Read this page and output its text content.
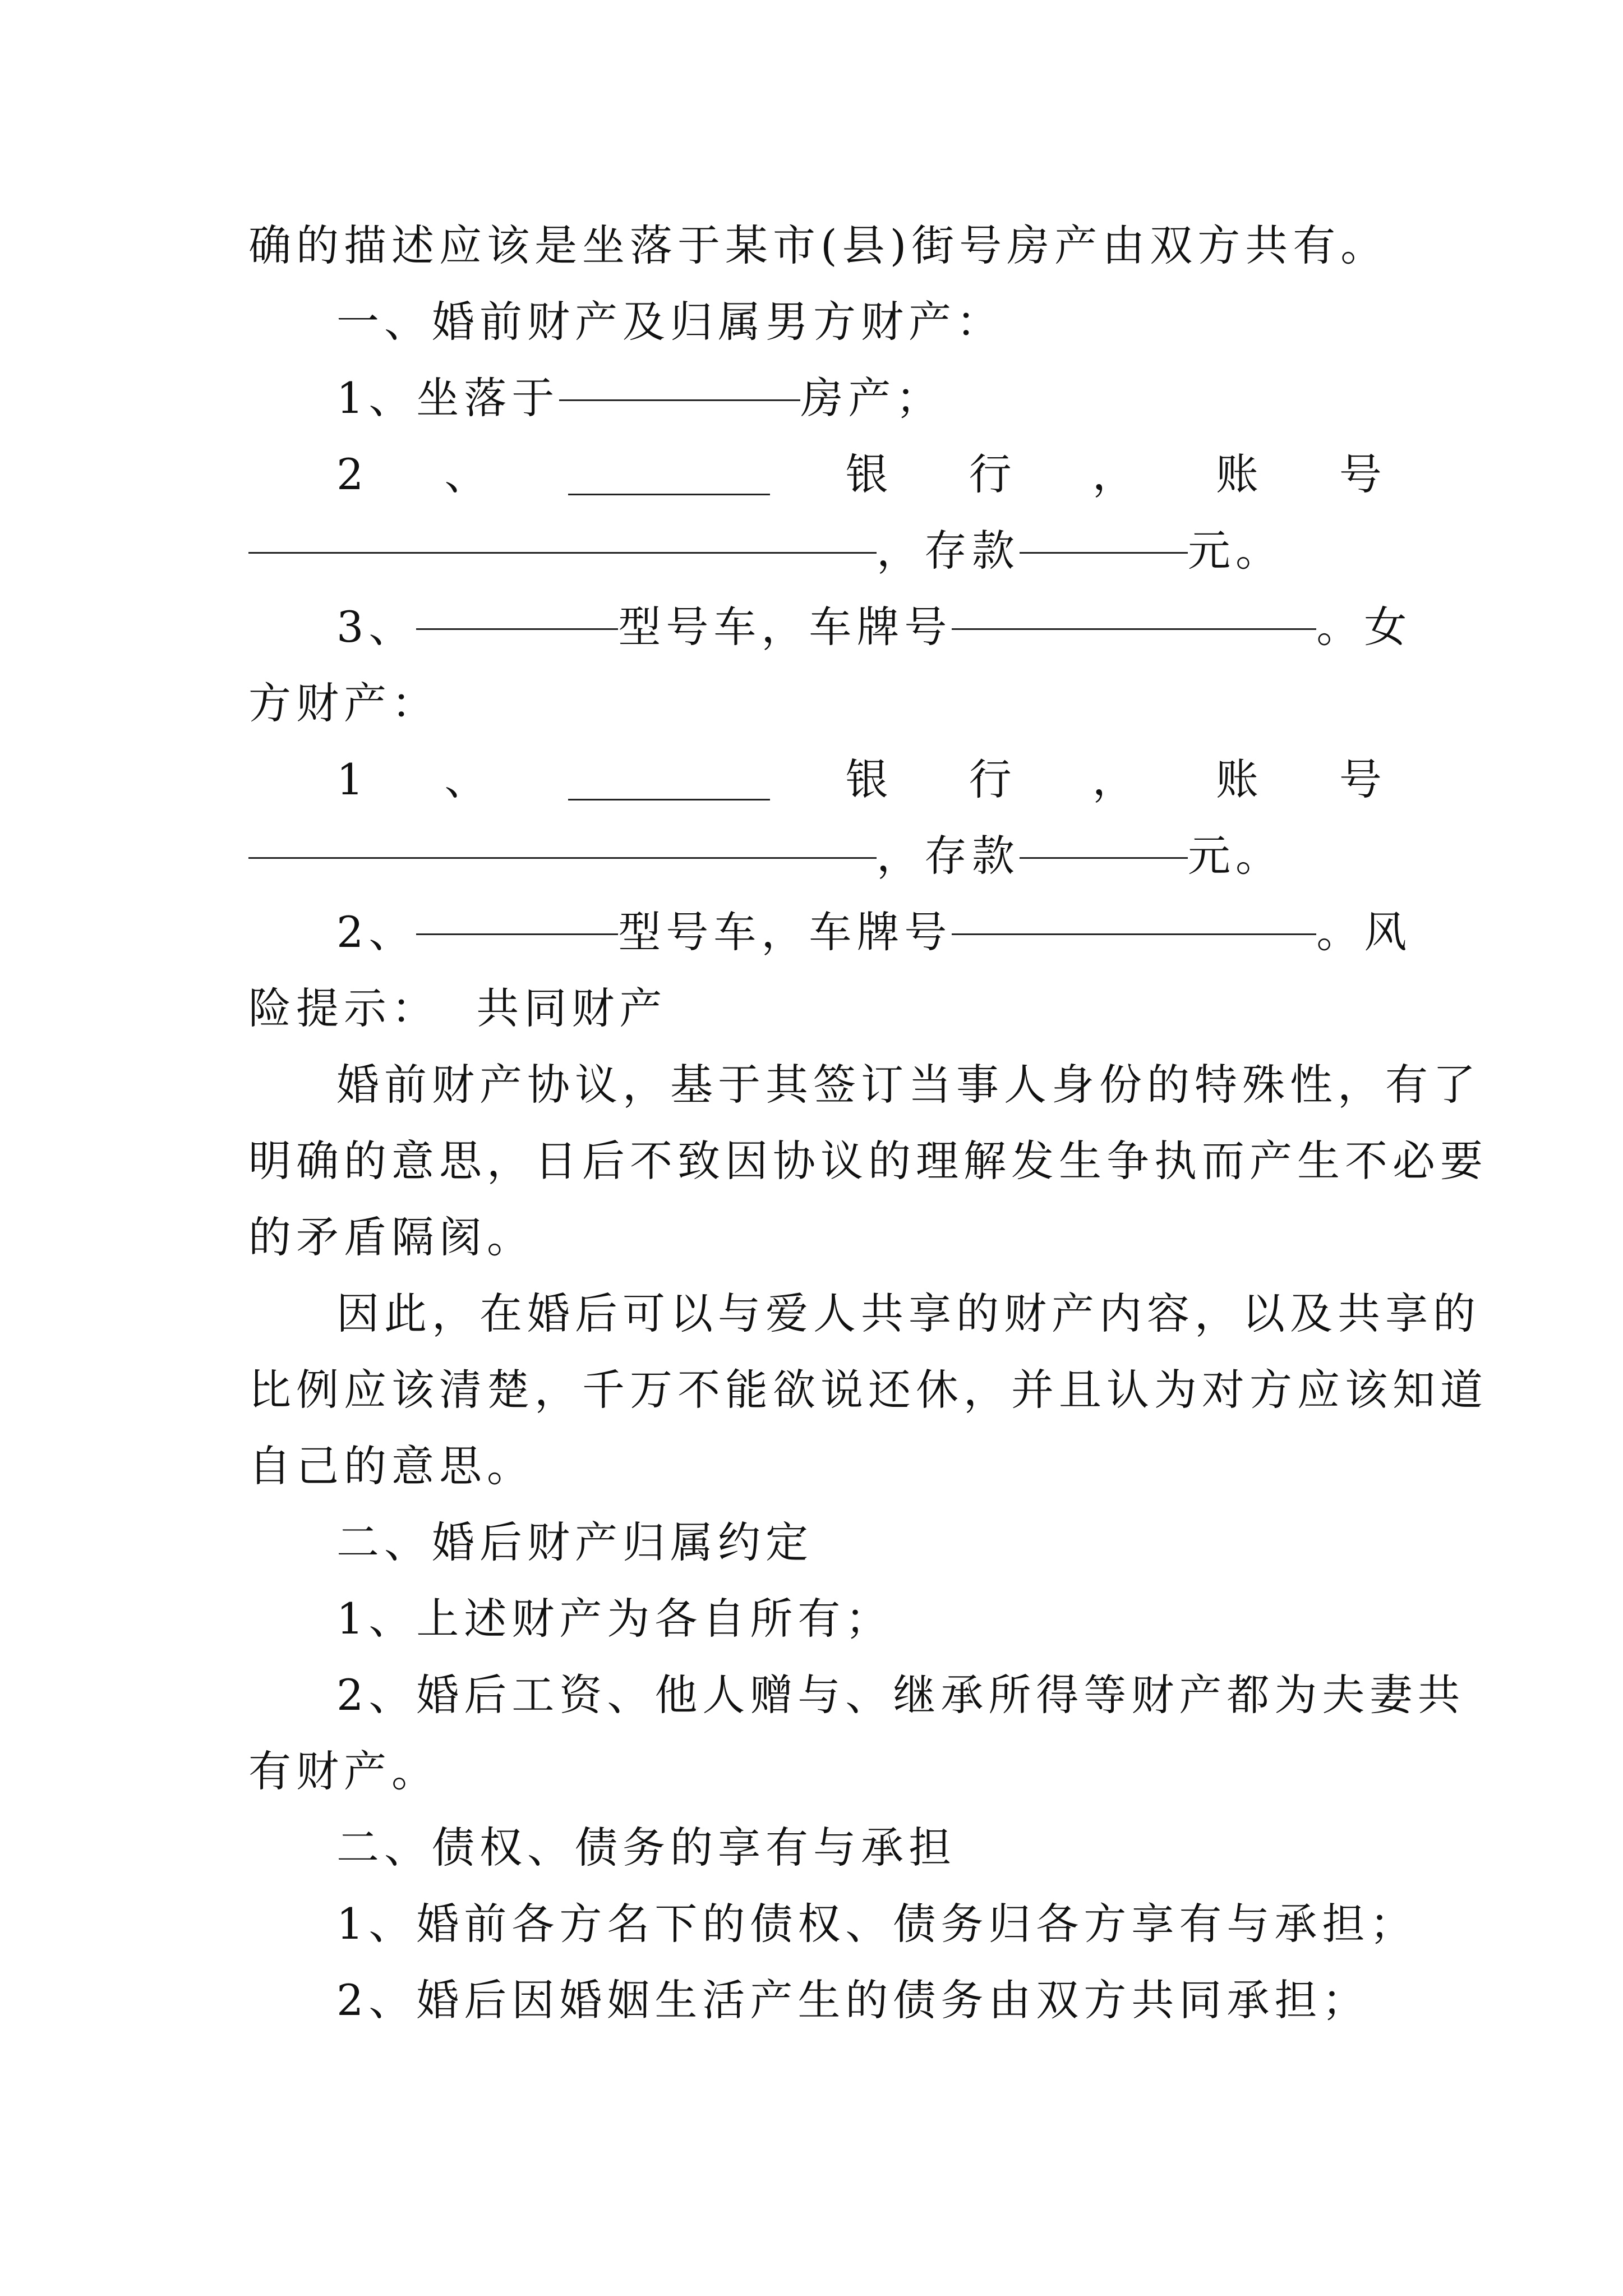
确的描述应该是坐落于某市(县)街号房产由双方共有。
一、婚前财产及归属男方财产：
1、坐落于	房产；
2 、	银 行 ， 账 号
，存款	元。
3、	型号车，车牌号	。女
方财产：
1 、	银 行 ， 账 号
，存款	元。
2、	型号车，车牌号	。风
险提示：  共同财产
婚前财产协议，基于其签订当事人身份的特殊性，有了
明确的意思，日后不致因协议的理解发生争执而产生不必要
的矛盾隔阂。
因此，在婚后可以与爱人共享的财产内容，以及共享的
比例应该清楚，千万不能欲说还休，并且认为对方应该知道
自己的意思。
二、婚后财产归属约定
1、上述财产为各自所有；
2、婚后工资、他人赠与、继承所得等财产都为夫妻共
有财产。
二、债权、债务的享有与承担
1、婚前各方名下的债权、债务归各方享有与承担；
2、婚后因婚姻生活产生的债务由双方共同承担；
